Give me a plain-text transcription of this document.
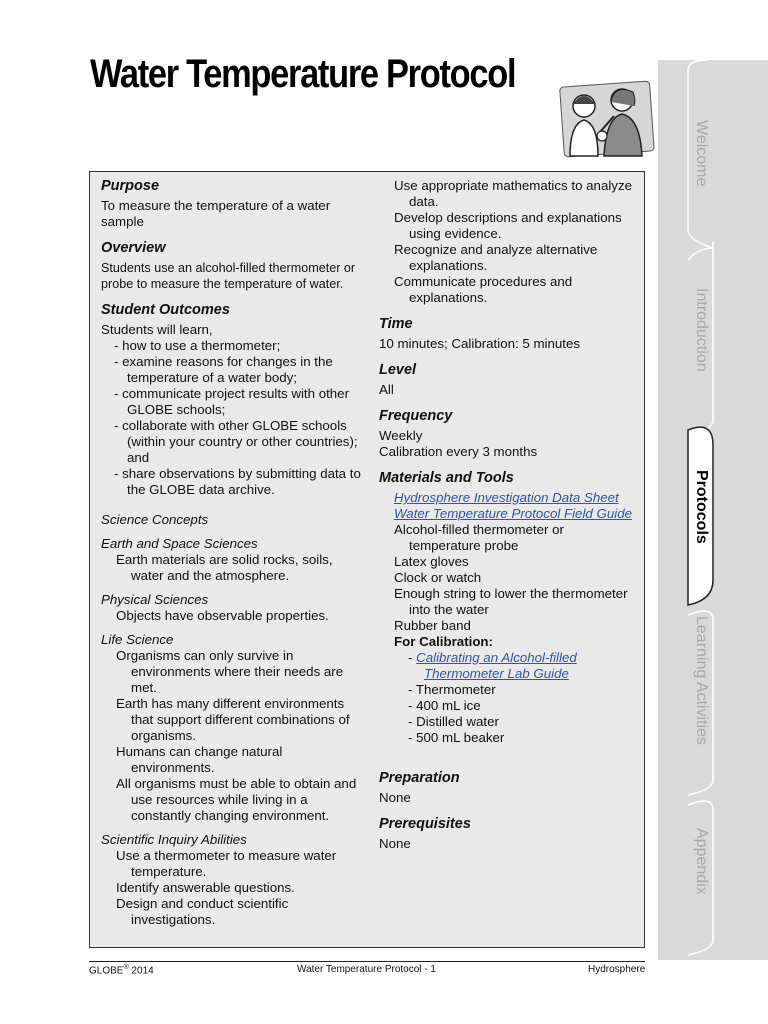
Water Temperature Protocol
Purpose
To measure the temperature of a water sample
Overview
Students use an alcohol-filled thermometer or probe to measure the temperature of water.
Student Outcomes
Students will learn,
- how to use a thermometer;
- examine reasons for changes in the temperature of a water body;
- communicate project results with other GLOBE schools;
- collaborate with other GLOBE schools (within your country or other countries); and
- share observations by submitting data to the GLOBE data archive.
Science Concepts
Earth and Space Sciences
Earth materials are solid rocks, soils, water and the atmosphere.
Physical Sciences
Objects have observable properties.
Life Science
Organisms can only survive in environments where their needs are met.
Earth has many different environments that support different combinations of organisms.
Humans can change natural environments.
All organisms must be able to obtain and use resources while living in a constantly changing environment.
Scientific Inquiry Abilities
Use a thermometer to measure water temperature.
Identify answerable questions.
Design and conduct scientific investigations.
Use appropriate mathematics to analyze data.
Develop descriptions and explanations using evidence.
Recognize and analyze alternative explanations.
Communicate procedures and explanations.
Time
10 minutes; Calibration: 5 minutes
Level
All
Frequency
Weekly
Calibration every 3 months
Materials and Tools
Hydrosphere Investigation Data Sheet
Water Temperature Protocol Field Guide
Alcohol-filled thermometer or temperature probe
Latex gloves
Clock or watch
Enough string to lower the thermometer into the water
Rubber band
For Calibration:
- Calibrating an Alcohol-filled Thermometer Lab Guide
- Thermometer
- 400 mL ice
- Distilled water
- 500 mL beaker
Preparation
None
Prerequisites
None
Welcome
Introduction
Protocols
Learning Activities
Appendix
GLOBE® 2014	Water Temperature Protocol - 1	Hydrosphere
